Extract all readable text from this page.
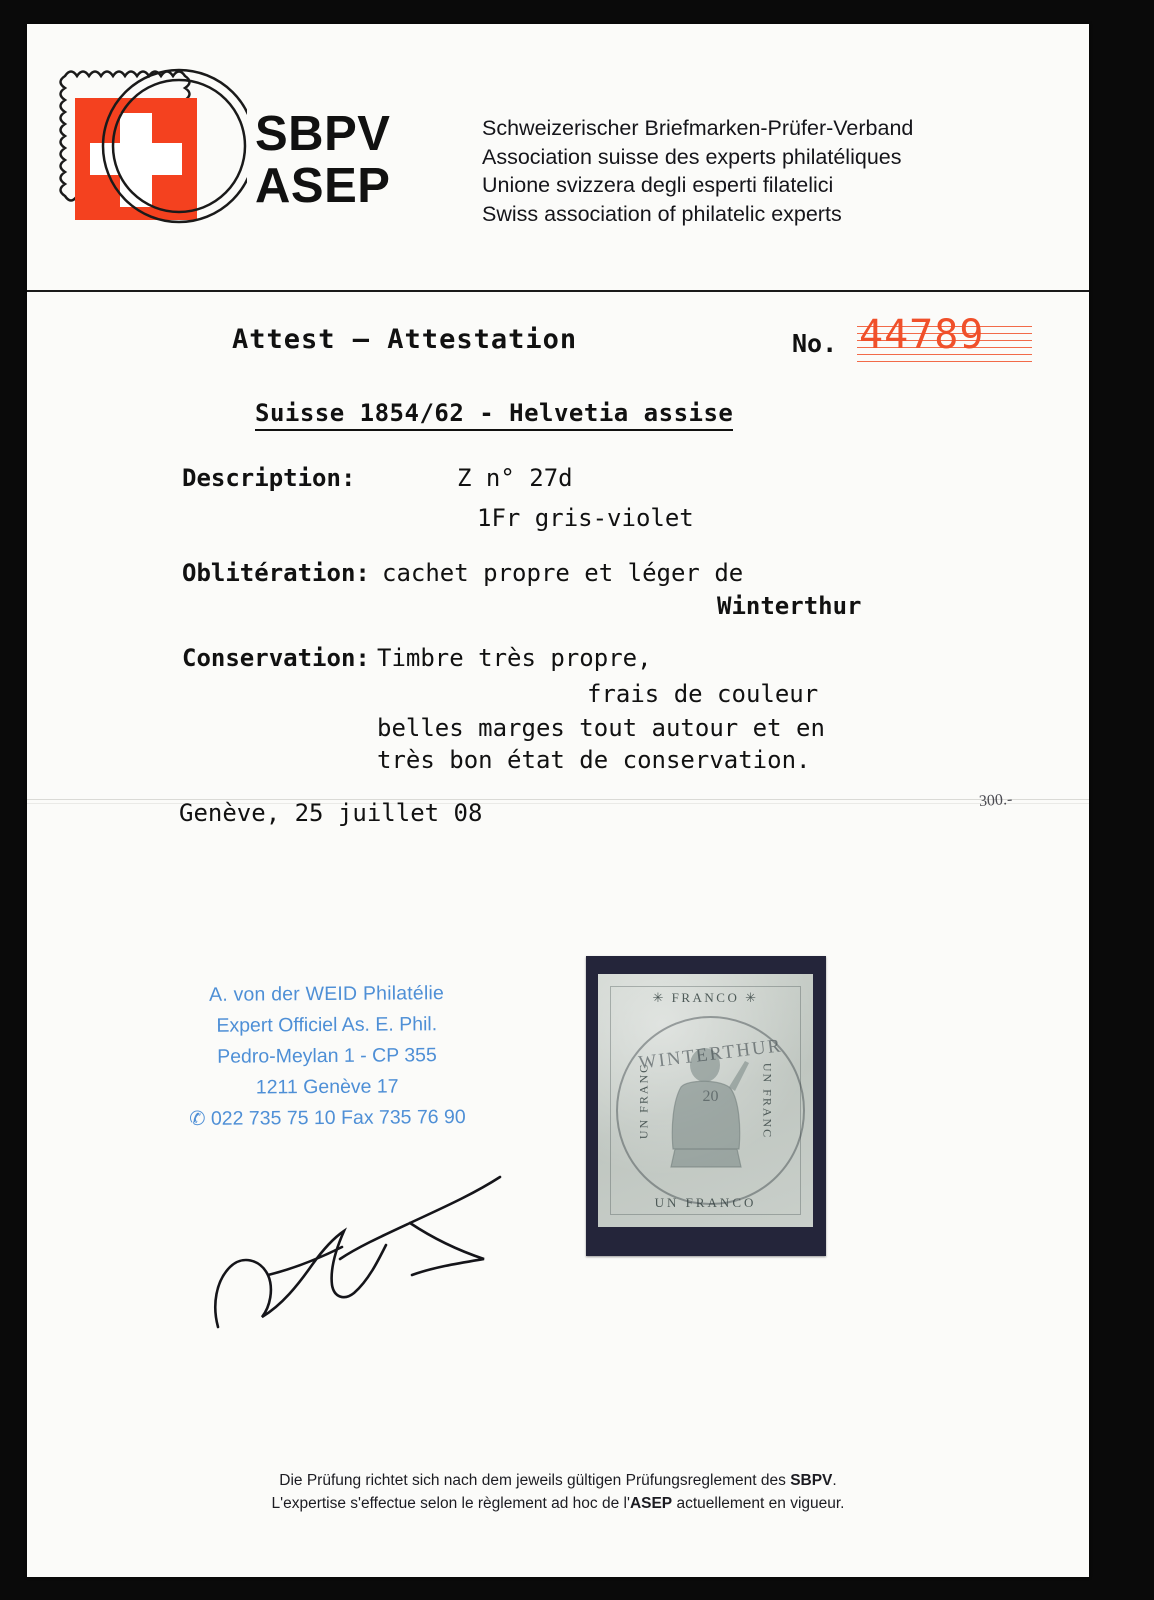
SBPV
ASEP
Schweizerischer Briefmarken-Prüfer-Verband
Association suisse des experts philatéliques
Unione svizzera degli esperti filatelici
Swiss association of philatelic experts
Attest – Attestation	No. 44789
Suisse 1854/62 - Helvetia assise
Description:	Z n° 27d
1Fr gris-violet
Oblitération: cachet propre et léger de
Winterthur
Conservation: Timbre très propre,
frais de couleur
belles marges tout autour et en
très bon état de conservation.
Genève, 25 juillet 08	300.-
A. von der WEID Philatélie
Expert Officiel As. E. Phil.
Pedro-Meylan 1 - CP 355
1211 Genève 17
✆ 022 735 75 10 Fax 735 76 90
✳ FRANCO ✳
UN FRANC	UN FRANC
UN FRANCO
WINTERTHUR
20
Die Prüfung richtet sich nach dem jeweils gültigen Prüfungsreglement des SBPV.
L'expertise s'effectue selon le règlement ad hoc de l'ASEP actuellement en vigueur.
